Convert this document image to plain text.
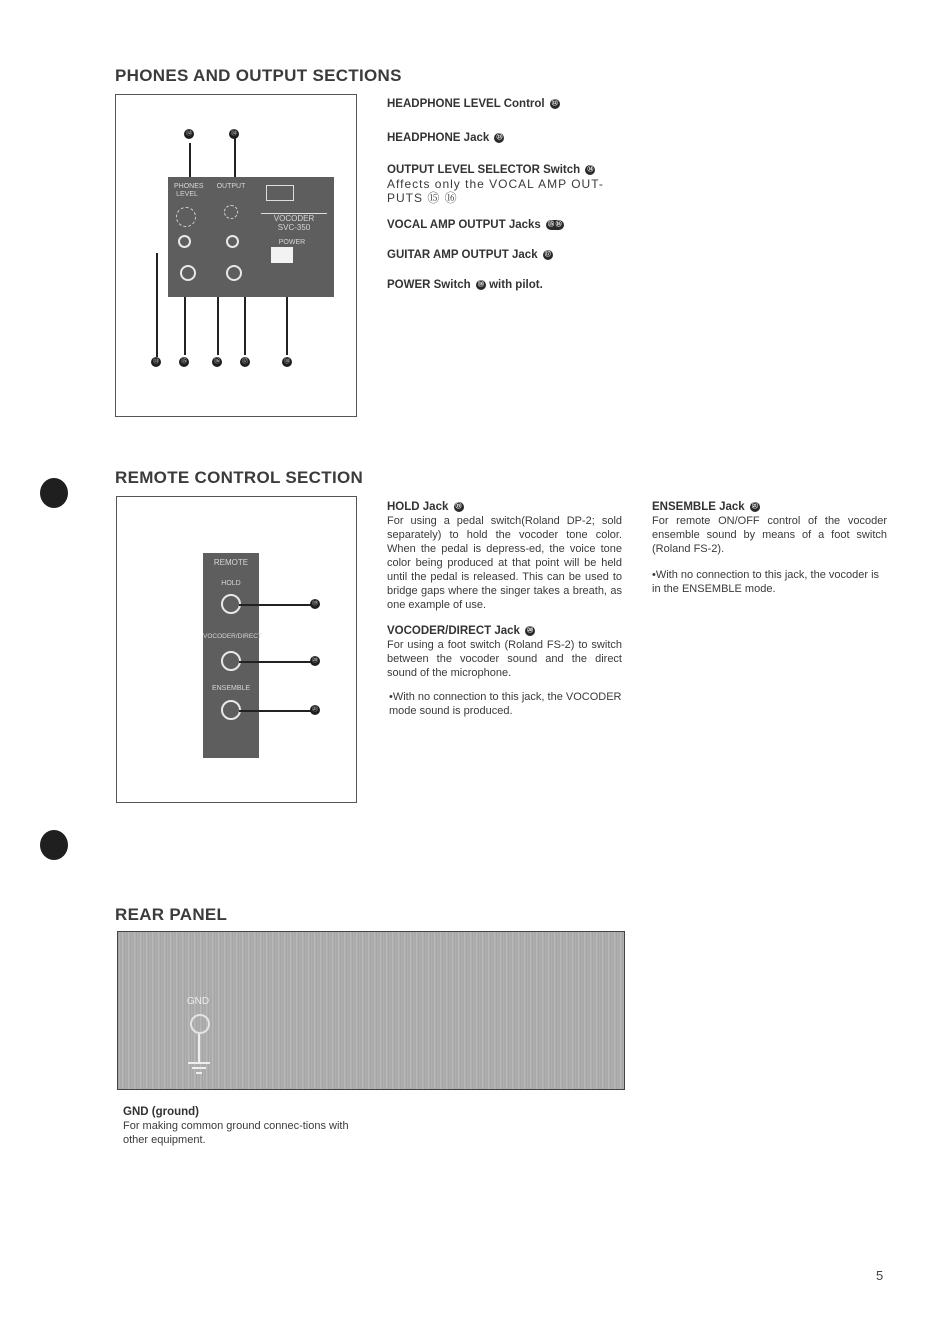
PHONES AND OUTPUT SECTIONS
PHONES LEVEL
OUTPUT
VOCODER
SVC-350
POWER
⑫	⑭
⑬	⑮	⑯	⑰	⑱

HEADPHONE LEVEL Control ⑫

HEADPHONE Jack ⑬

OUTPUT LEVEL SELECTOR Switch ⑭

Affects only the VOCAL AMP OUT-PUTS ⑮ ⑯

VOCAL AMP OUTPUT Jacks ⑮ ⑯

GUITAR AMP OUTPUT Jack ⑰

POWER Switch ⑱ with pilot.

REMOTE CONTROL SECTION
REMOTE
HOLD
VOCODER/DIRECT
ENSEMBLE
⑲
⑳
㉑

HOLD Jack ⑲

For using a pedal switch(Roland DP-2; sold separately) to hold the vocoder tone color. When the pedal is depress-ed, the voice tone color being produced at that point will be held until the pedal is released. This can be used to bridge gaps where the singer takes a breath, as one example of use.

VOCODER/DIRECT Jack ⑳

For using a foot switch (Roland FS-2) to switch between the vocoder sound and the direct sound of the microphone.

•With no connection to this jack, the VOCODER mode sound is produced.

ENSEMBLE Jack ㉑

For remote ON/OFF control of the vocoder ensemble sound by means of a foot switch (Roland FS-2).

•With no connection to this jack, the vocoder is in the ENSEMBLE mode.

REAR PANEL
GND

GND (ground)

For making common ground connec-tions with other equipment.

5
